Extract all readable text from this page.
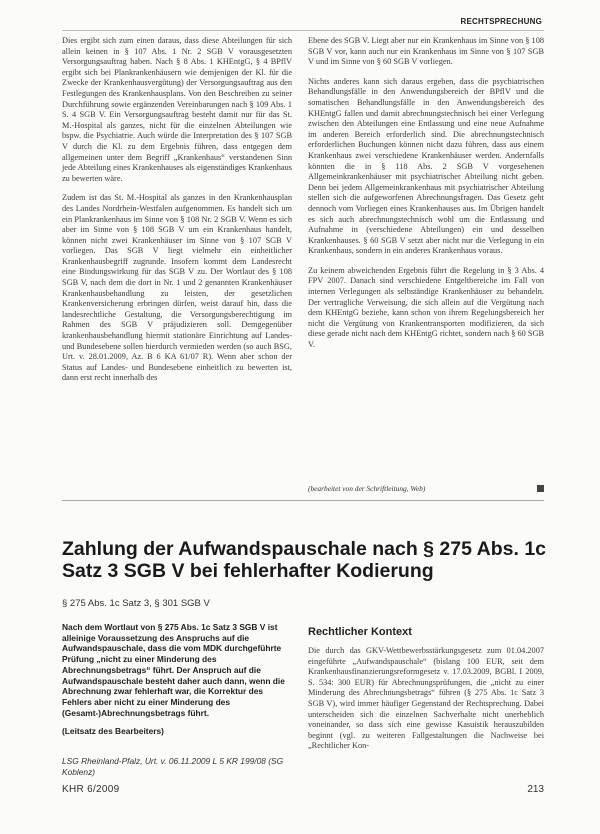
RECHTSPRECHUNG

Dies ergibt sich zum einen daraus, dass diese Abteilungen für sich allein keinen in § 107 Abs. 1 Nr. 2 SGB V vorausgesetzten Versorgungsauftrag haben. Nach § 8 Abs. 1 KHEntgG, § 4 BPflV ergibt sich bei Plankrankenhäusern wie demjenigen der Kl. für die Zwecke der Krankenhausvergütung) der Versorgungsauftrag aus den Festlegungen des Krankenhausplans. Von den Beschreiben zu seiner Durchführung sowie ergänzenden Vereinbarungen nach § 109 Abs. 1 S. 4 SGB V. Ein Versorgungsauftrag besteht damit nur für das St. M.-Hospital als ganzes, nicht für die einzelnen Abteilungen wie bspw. die Psychiatrie. Auch würde die Interpretation des § 107 SGB V durch die Kl. zu dem Ergebnis führen, dass entgegen dem allgemeinen unter dem Begriff „Krankenhaus“ verstandenen Sinn jede Abteilung eines Krankenhauses als eigenständiges Krankenhaus zu bewerten wäre.

Zudem ist das St. M.-Hospital als ganzes in den Krankenhausplan des Landes Nordrhein-Westfalen aufgenommen. Es handelt sich um ein Plankrankenhaus im Sinne von § 108 Nr. 2 SGB V. Wenn es sich aber im Sinne von § 108 SGB V um ein Krankenhaus handelt, können nicht zwei Krankenhäuser im Sinne von § 107 SGB V vorliegen. Das SGB V liegt vielmehr ein einheitlicher Krankenhausbegriff zugrunde. Insofern kommt dem Landesrecht eine Bindungswirkung für das SGB V zu. Der Wortlaut des § 108 SGB V, nach dem die dort in Nr. 1 und 2 genannten Krankenhäuser Krankenhausbehandlung zu leisten, der gesetzlichen Krankenversicherung erbringen dürfen, weist darauf hin, dass die landesrechtliche Gestaltung, die Versorgungsberechtigung im Rahmen des SGB V präjudizieren soll. Demgegenüber krankenhausbehandlung hiermit stationäre Einrichtung auf Landes- und Bundesebene sollen hierdurch vermieden werden (so auch BSG, Urt. v. 28.01.2009, Az. B 6 KA 61/07 R). Wenn aber schon der Status auf Landes- und Bundesebene einheitlich zu bewerten ist, dann erst recht innerhalb des

Ebene des SGB V. Liegt aber nur ein Krankenhaus im Sinne von § 108 SGB V vor, kann auch nur ein Krankenhaus im Sinne von § 107 SGB V und im Sinne von § 60 SGB V vorliegen.

Nichts anderes kann sich daraus ergeben, dass die psychiatrischen Behandlungsfälle in den Anwendungsbereich der BPflV und die somatischen Behandlungsfälle in den Anwendungsbereich des KHEntgG fallen und damit abrechnungstechnisch bei einer Verlegung zwischen den Abteilungen eine Entlassung und eine neue Aufnahme im anderen Bereich erforderlich sind. Die abrechnungstechnisch erforderlichen Buchungen können nicht dazu führen, dass aus einem Krankenhaus zwei verschiedene Krankenhäuser werden. Andernfalls könnten die in § 118 Abs. 2 SGB V vorgesehenen Allgemeinkrankenhäuser mit psychiatrischer Abteilung nicht geben. Denn bei jedem Allgemeinkrankenhaus mit psychiatrischer Abteilung stellen sich die aufgeworfenen Abrechnungsfragen. Das Gesetz geht dennoch vom Vorliegen eines Krankenhauses aus. Im Übrigen handelt es sich auch abrechnungstechnisch wohl um die Entlassung und Aufnahme in (verschiedene Abteilungen) ein und desselben Krankenhauses. § 60 SGB V setzt aber nicht nur die Verlegung in ein Krankenhaus, sondern in ein anderes Krankenhaus voraus.

Zu keinem abweichenden Ergebnis führt die Regelung in § 3 Abs. 4 FPV 2007. Danach sind verschiedene Entgeltbereiche im Fall von internen Verlegungen als selbständige Krankenhäuser zu behandeln. Der vertragliche Verweisung, die sich allein auf die Vergütung nach dem KHEntgG beziehe, kann schon von ihrem Regelungsbereich her nicht die Vergütung von Krankentransporten modifizieren, da sich diese gerade nicht nach dem KHEntgG richtet, sondern nach § 60 SGB V.

(bearbeitet von der Schriftleitung, Web)
Zahlung der Aufwandspauschale nach § 275 Abs. 1c Satz 3 SGB V bei fehlerhafter Kodierung
§ 275 Abs. 1c Satz 3, § 301 SGB V

Nach dem Wortlaut von § 275 Abs. 1c Satz 3 SGB V ist alleinige Voraussetzung des Anspruchs auf die Aufwandspauschale, dass die vom MDK durchgeführte Prüfung „nicht zu einer Minderung des Abrechnungsbetrags“ führt. Der Anspruch auf die Aufwandspauschale besteht daher auch dann, wenn die Abrechnung zwar fehlerhaft war, die Korrektur des Fehlers aber nicht zu einer Minderung des (Gesamt-)Abrechnungsbetrags führt.

(Leitsatz des Bearbeiters)

LSG Rheinland-Pfalz, Urt. v. 06.11.2009 L 5 KR 199/08 (SG Koblenz)
Rechtlicher Kontext
Die durch das GKV-Wettbewerbsstärkungsgesetz zum 01.04.2007 eingeführte „Aufwandspauschale“ (bislang 100 EUR, seit dem Krankenhausfinanzierungsreformgesetz v. 17.03.2009, BGBl. I 2009, S. 534: 300 EUR) für Abrechnungsprüfungen, die „nicht zu einer Minderung des Abrechnungsbetrags“ führen (§ 275 Abs. 1c Satz 3 SGB V), wird immer häufiger Gegenstand der Rechtsprechung. Dabei unterscheiden sich die einzelnen Sachverhalte nicht unerheblich voneinander, so dass sich eine gewisse Kasuistik herauszubilden beginnt (vgl. zu weiteren Fallgestaltungen die Nachweise bei „Rechtlicher Kon-
KHR 6/2009	213
